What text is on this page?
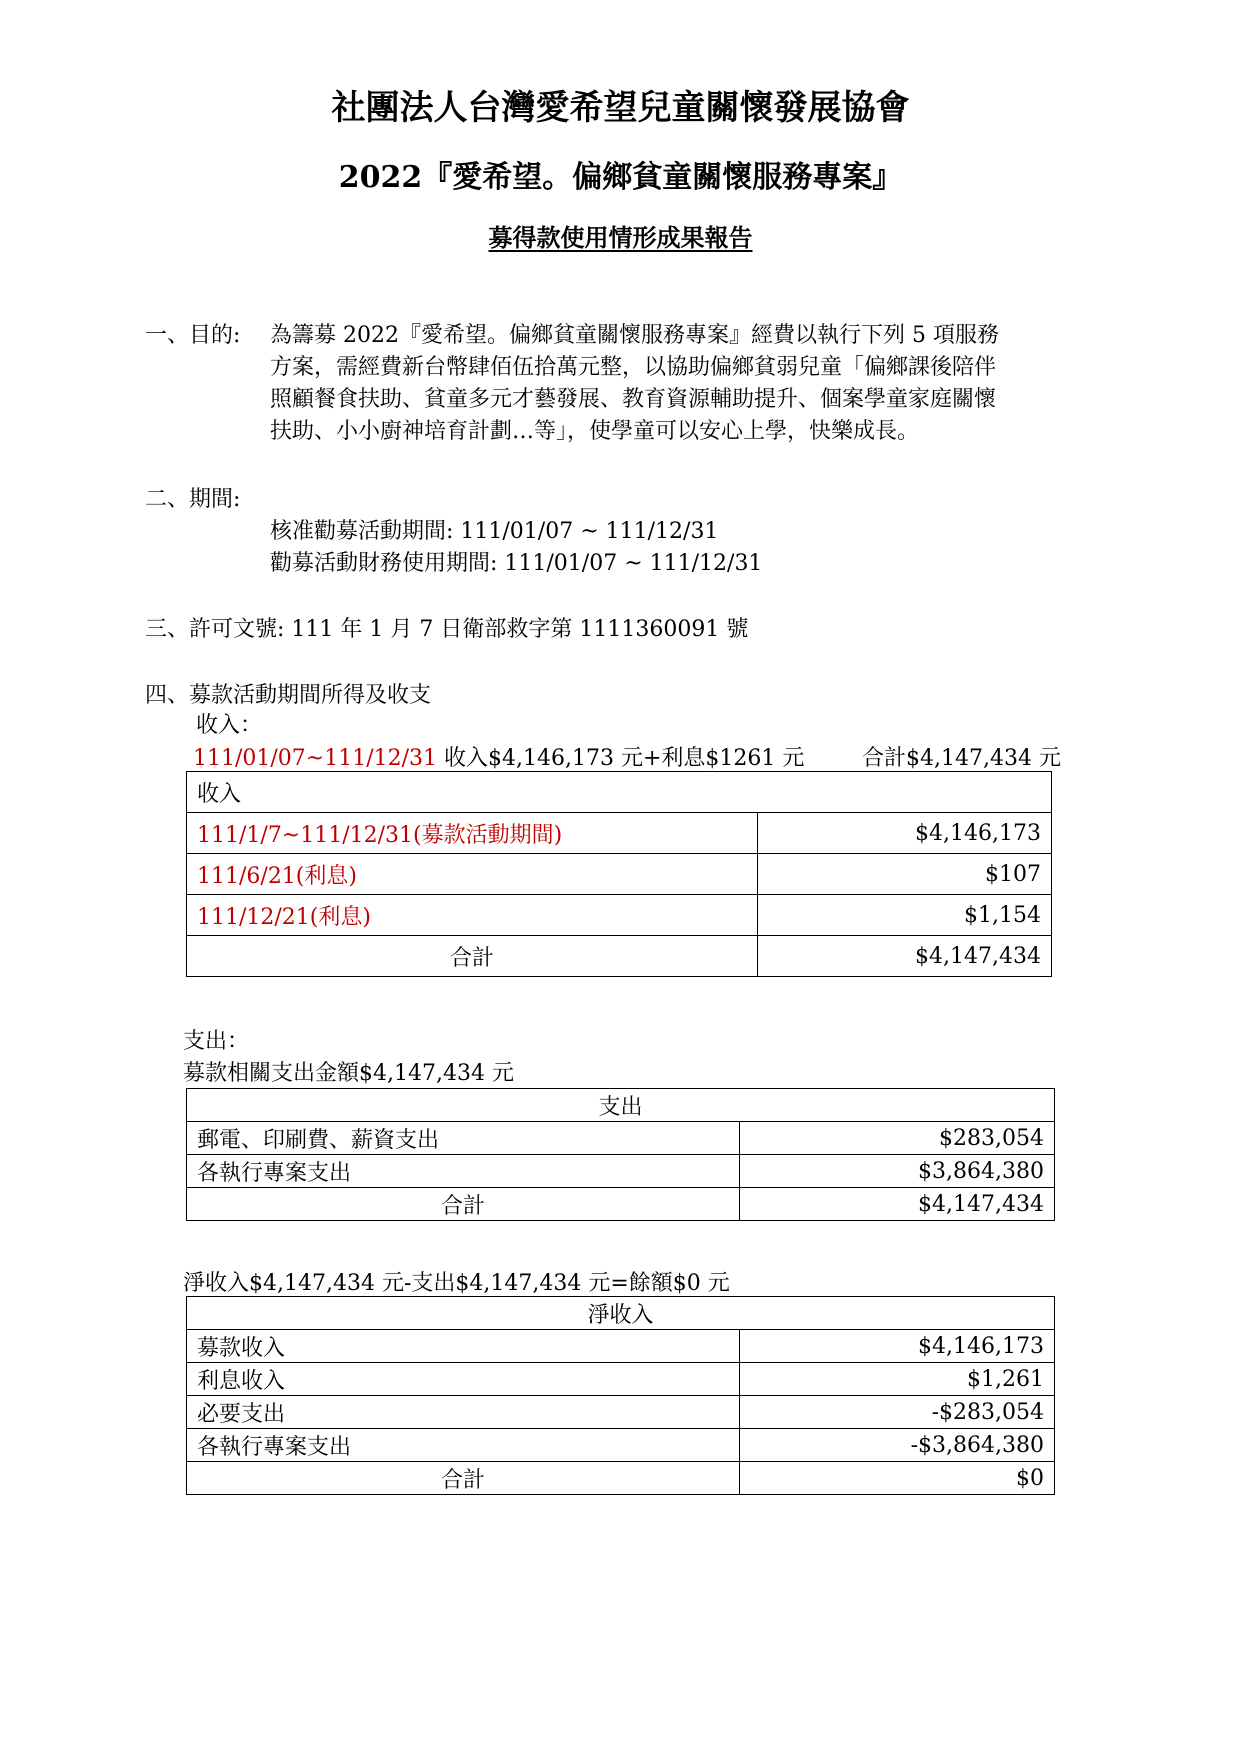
社團法人台灣愛希望兒童關懷發展協會
2022『愛希望。偏鄉貧童關懷服務專案』
募得款使用情形成果報告
一、目的: 為籌募 2022『愛希望。偏鄉貧童關懷服務專案』經費以執行下列 5 項服務
方案，需經費新台幣肆佰伍拾萬元整，以協助偏鄉貧弱兒童「偏鄉課後陪伴
照顧餐食扶助、貧童多元才藝發展、教育資源輔助提升、個案學童家庭關懷
扶助、小小廚神培育計劃…等」，使學童可以安心上學，快樂成長。
二、期間:
核准勸募活動期間: 111/01/07 ~ 111/12/31
勸募活動財務使用期間: 111/01/07 ~ 111/12/31
三、許可文號: 111 年 1 月 7 日衛部救字第 1111360091 號
四、募款活動期間所得及收支
收入：
111/01/07~111/12/31 收入$4,146,173 元+利息$1261 元	合計$4,147,434 元
收入	
111/1/7~111/12/31(募款活動期間)	$4,146,173
111/6/21(利息)	$107
111/12/21(利息)	$1,154
合計	$4,147,434
支出：
募款相關支出金額$4,147,434 元
支出	
郵電、印刷費、薪資支出	$283,054
各執行專案支出	$3,864,380
合計	$4,147,434
淨收入$4,147,434 元-支出$4,147,434 元=餘額$0 元
淨收入	
募款收入	$4,146,173
利息收入	$1,261
必要支出	-$283,054
各執行專案支出	-$3,864,380
合計	$0
